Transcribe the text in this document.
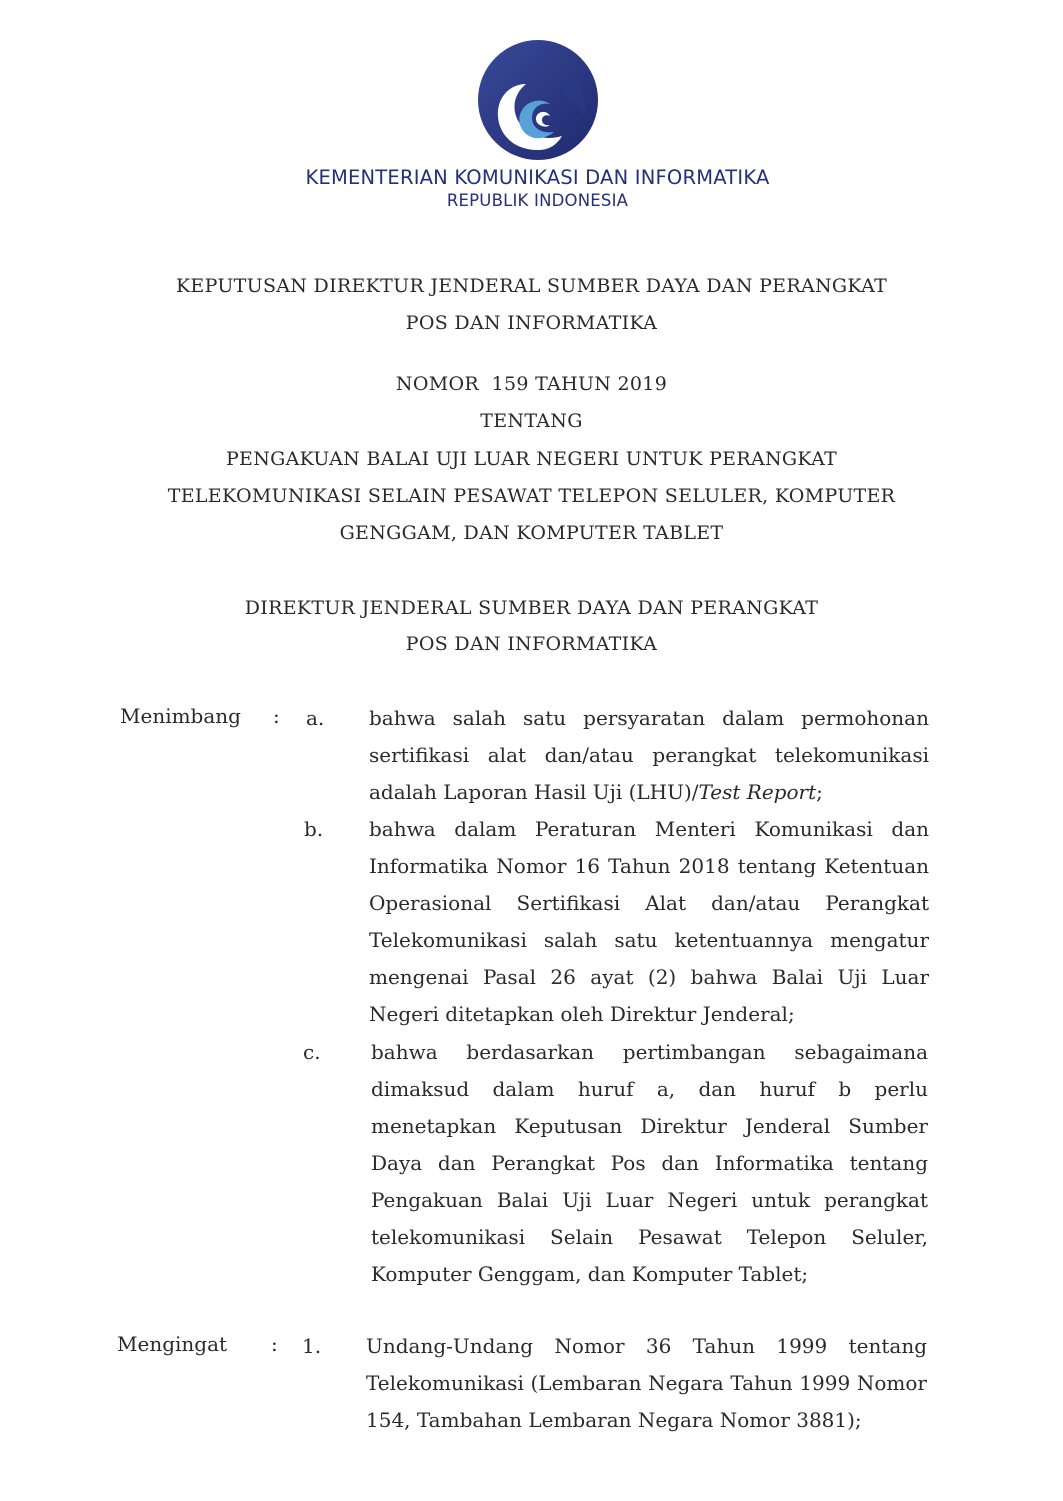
KEMENTERIAN KOMUNIKASI DAN INFORMATIKA
REPUBLIK INDONESIA
KEPUTUSAN DIREKTUR JENDERAL SUMBER DAYA DAN PERANGKAT
POS DAN INFORMATIKA
NOMOR  159 TAHUN 2019
TENTANG
PENGAKUAN BALAI UJI LUAR NEGERI UNTUK PERANGKAT
TELEKOMUNIKASI SELAIN PESAWAT TELEPON SELULER, KOMPUTER
GENGGAM, DAN KOMPUTER TABLET
DIREKTUR JENDERAL SUMBER DAYA DAN PERANGKAT
POS DAN INFORMATIKA
Menimbang : a. bahwa salah satu persyaratan dalam permohonan
sertifikasi alat dan/atau perangkat telekomunikasi
adalah Laporan Hasil Uji (LHU)/Test Report;
b. bahwa dalam Peraturan Menteri Komunikasi dan
Informatika Nomor 16 Tahun 2018 tentang Ketentuan
Operasional Sertifikasi Alat dan/atau Perangkat
Telekomunikasi salah satu ketentuannya mengatur
mengenai Pasal 26 ayat (2) bahwa Balai Uji Luar
Negeri ditetapkan oleh Direktur Jenderal;
c.	bahwa berdasarkan pertimbangan sebagaimana
dimaksud dalam huruf a, dan huruf b perlu
menetapkan Keputusan Direktur Jenderal Sumber
Daya dan Perangkat Pos dan Informatika tentang
Pengakuan Balai Uji Luar Negeri untuk perangkat
telekomunikasi Selain Pesawat Telepon Seluler,
Komputer Genggam, dan Komputer Tablet;
Mengingat : 1. Undang-Undang Nomor 36 Tahun 1999 tentang
Telekomunikasi (Lembaran Negara Tahun 1999 Nomor
154, Tambahan Lembaran Negara Nomor 3881);
